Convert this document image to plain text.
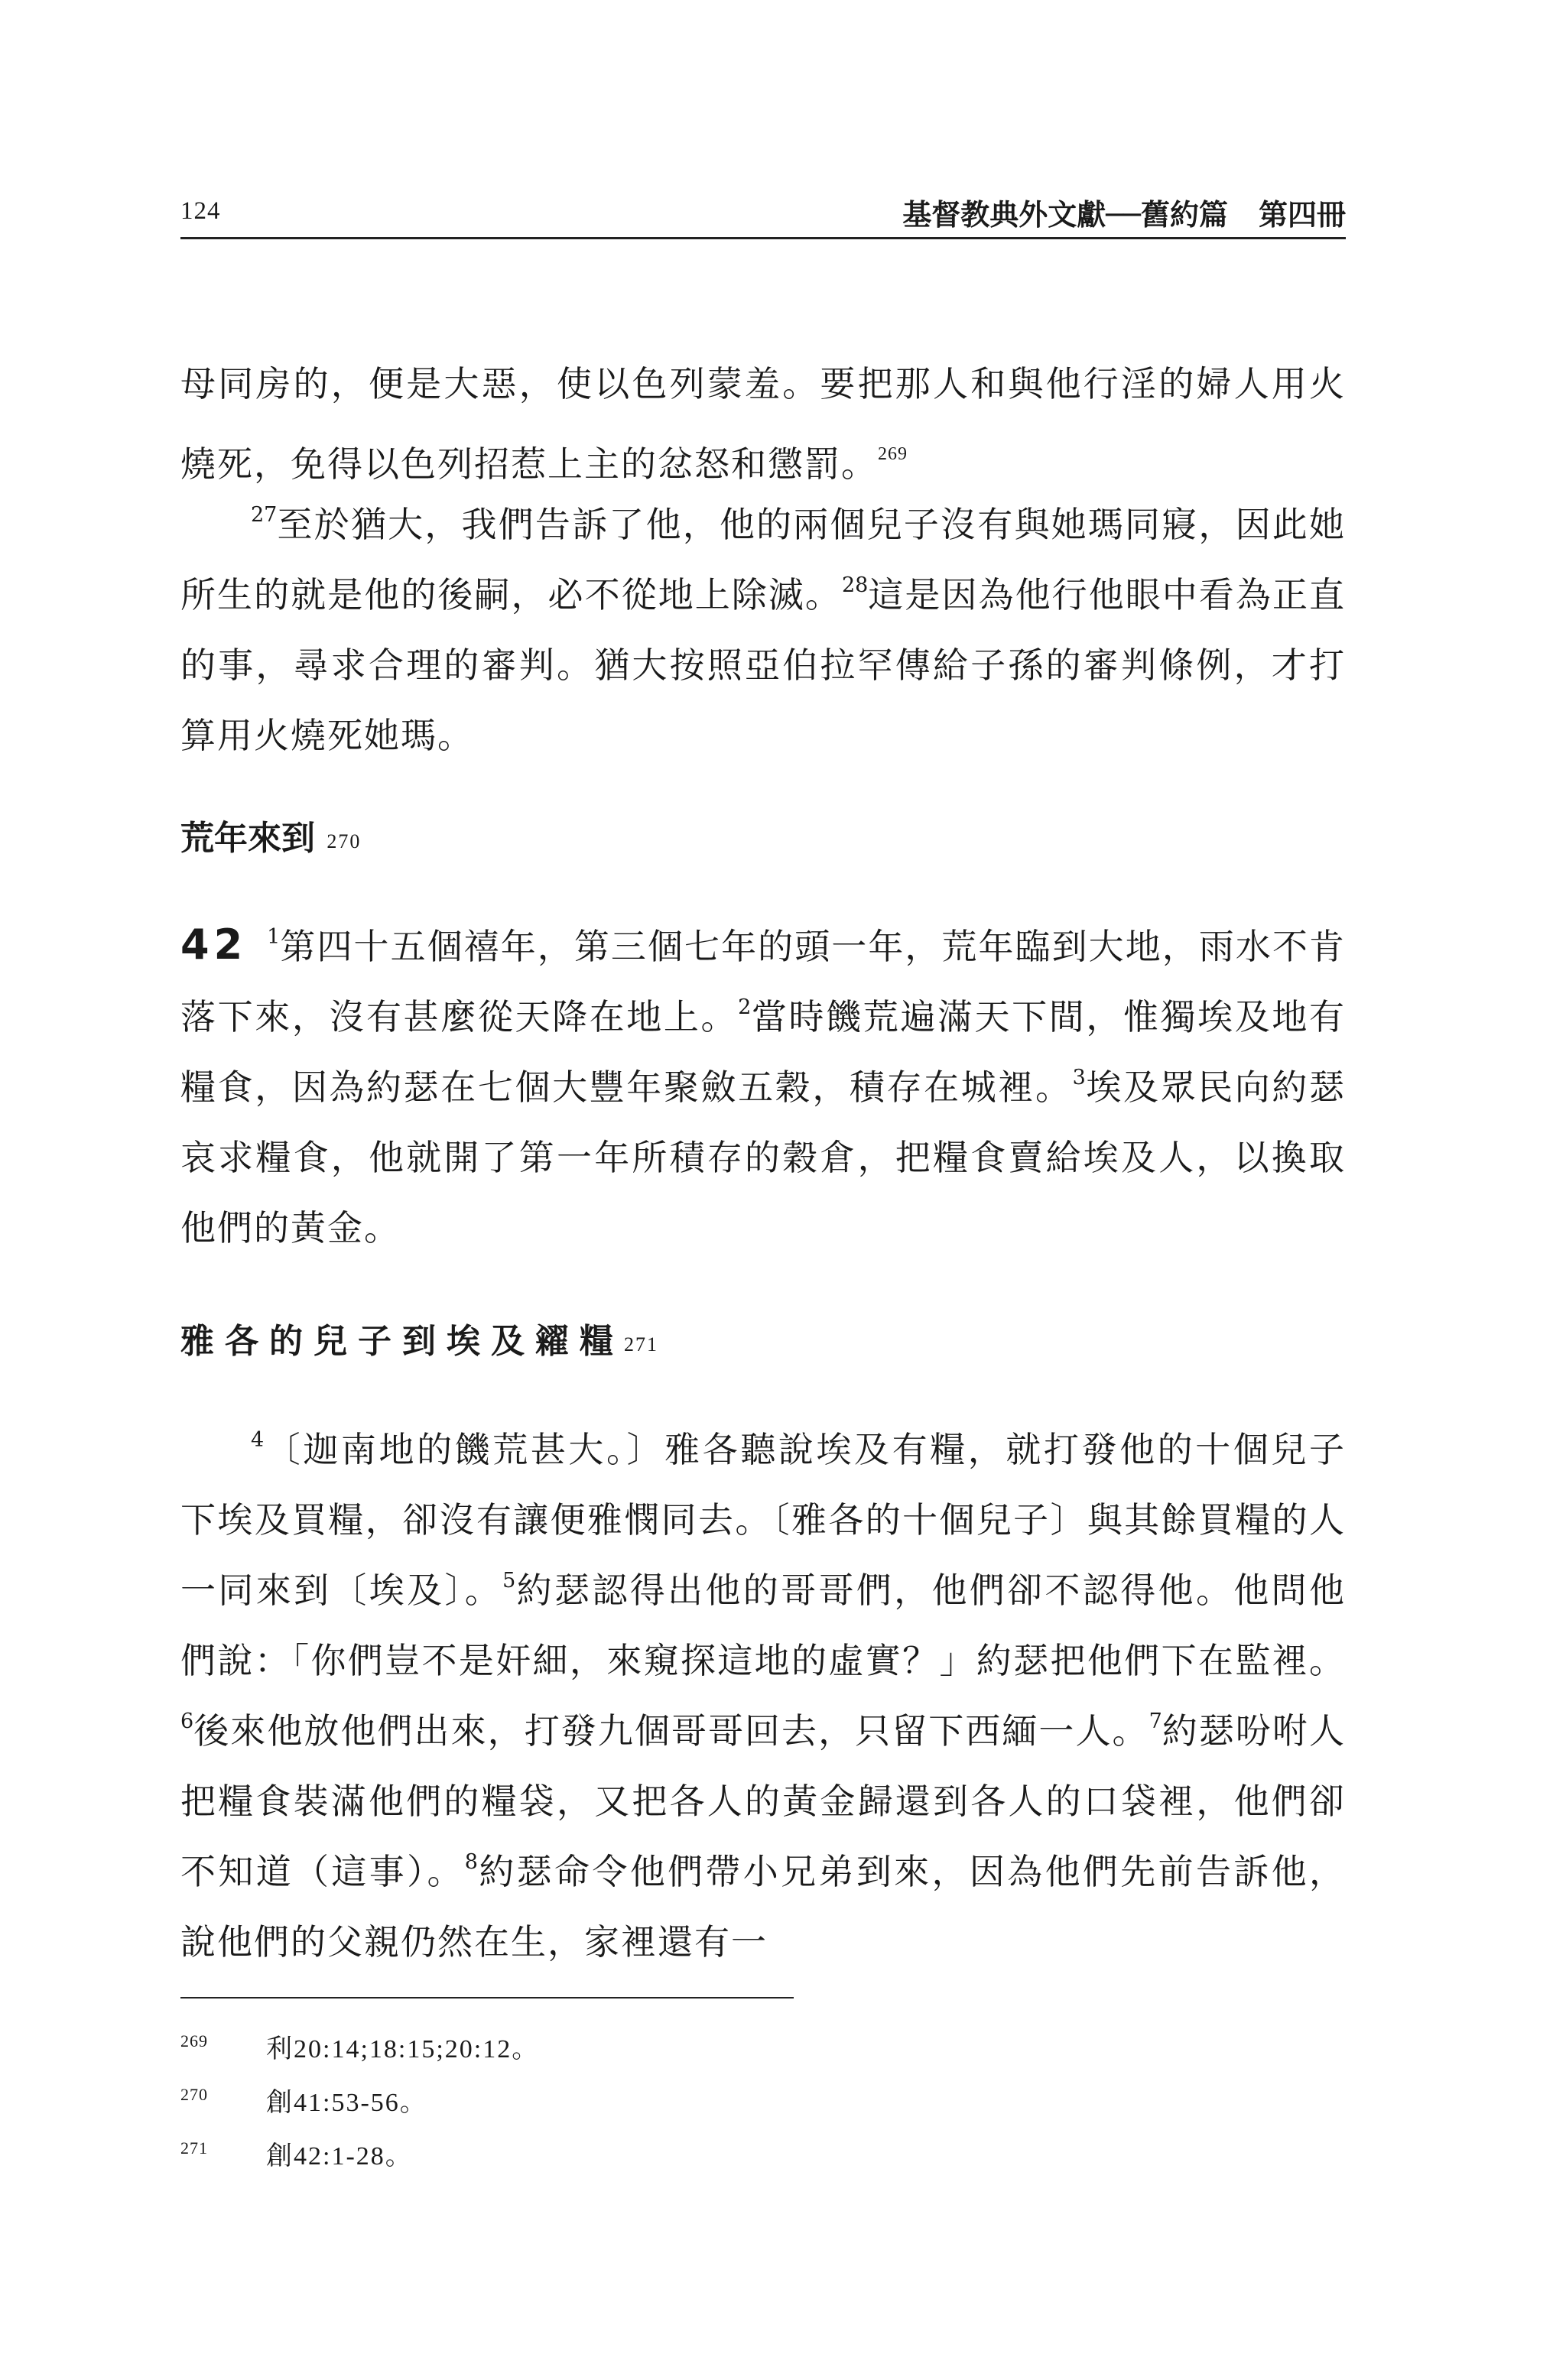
124	基督教典外文獻──舊約篇 第四冊
母同房的，便是大惡，使以色列蒙羞。要把那人和與他行淫的婦人用火燒死，免得以色列招惹上主的忿怒和懲罰。$^{269}$
$^{27}$至於猶大，我們告訴了他，他的兩個兒子沒有與她瑪同寢，因此她所生的就是他的後嗣，必不從地上除滅。$^{28}$這是因為他行他眼中看為正直的事，尋求合理的審判。猶大按照亞伯拉罕傳給子孫的審判條例，才打算用火燒死她瑪。
荒年來到 270
42 $^1$第四十五個禧年，第三個七年的頭一年，荒年臨到大地，雨水不肯落下來，沒有甚麼從天降在地上。$^2$當時饑荒遍滿天下間，惟獨埃及地有糧食，因為約瑟在七個大豐年聚斂五穀，積存在城裡。$^3$埃及眾民向約瑟哀求糧食，他就開了第一年所積存的穀倉，把糧食賣給埃及人，以換取他們的黃金。
雅各的兒子到埃及糴糧271
$^4$〔迦南地的饑荒甚大。〕雅各聽說埃及有糧，就打發他的十個兒子下埃及買糧，卻沒有讓便雅憫同去。〔雅各的十個兒子〕與其餘買糧的人一同來到〔埃及〕。$^5$約瑟認得出他的哥哥們，他們卻不認得他。他問他們說：「你們豈不是奸細，來窺探這地的虛實？」約瑟把他們下在監裡。$^6$後來他放他們出來，打發九個哥哥回去，只留下西緬一人。$^7$約瑟吩咐人把糧食裝滿他們的糧袋，又把各人的黃金歸還到各人的口袋裡，他們卻不知道（這事）。$^8$約瑟命令他們帶小兄弟到來，因為他們先前告訴他，說他們的父親仍然在生，家裡還有一
269 利20:14;18:15;20:12。
270 創41:53-56。
271 創42:1-28。
